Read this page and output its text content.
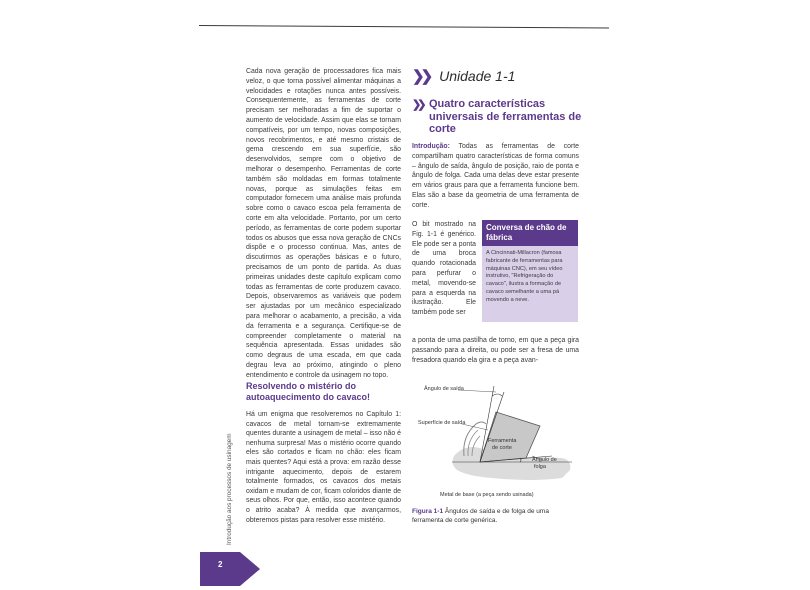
Cada nova geração de processadores fica mais veloz, o que torna possível alimentar máquinas a velocidades e rotações nunca antes possíveis. Consequentemente, as ferramentas de corte precisam ser melhoradas a fim de suportar o aumento de velocidade. Assim que elas se tornam compatíveis, por um tempo, novas composições, novos recobrimentos, e até mesmo cristais de gema crescendo em sua superfície, são desenvolvidos, sempre com o objetivo de melhorar o desempenho. Ferramentas de corte também são moldadas em formas totalmente novas, porque as simulações feitas em computador fornecem uma análise mais profunda sobre como o cavaco escoa pela ferramenta de corte em alta velocidade. Portanto, por um certo período, as ferramentas de corte podem suportar todos os abusos que essa nova geração de CNCs dispõe e o processo continua. Mas, antes de discutirmos as operações básicas e o futuro, precisamos de um ponto de partida. As duas primeiras unidades deste capítulo explicam como todas as ferramentas de corte produzem cavaco. Depois, observaremos as variáveis que podem ser ajustadas por um mecânico especializado para melhorar o acabamento, a precisão, a vida da ferramenta e a segurança. Certifique-se de compreender completamente o material na sequência apresentada. Essas unidades são como degraus de uma escada, em que cada degrau leva ao próximo, atingindo o pleno entendimento e controle da usinagem no topo.

Resolvendo o mistério do
autoaquecimento do cavaco!

Há um enigma que resolveremos no Capítulo 1: cavacos de metal tornam-se extremamente quentes durante a usinagem de metal – isso não é nenhuma surpresa! Mas o mistério ocorre quando eles são cortados e ficam no chão: eles ficam mais quentes? Aqui está a prova: em razão desse intrigante aquecimento, depois de estarem totalmente formados, os cavacos dos metais oxidam e mudam de cor, ficam coloridos diante de seus olhos. Por que, então, isso acontece quando o atrito acaba? À medida que avançarmos, obteremos pistas para resolver esse mistério.

❯❯ Unidade 1-1
❯❯ Quatro características universais de ferramentas de corte
Introdução: Todas as ferramentas de corte compartilham quatro características de forma comuns – ângulo de saída, ângulo de posição, raio de ponta e ângulo de folga. Cada uma delas deve estar presente em vários graus para que a ferramenta funcione bem. Elas são a base da geometria de uma ferramenta de corte.
O bit mostrado na Fig. 1-1 é genérico. Ele pode ser a ponta de uma broca quando rotacionada para perfurar o metal, movendo-se para a esquerda na ilustração. Ele também pode ser
Conversa de chão de fábrica
A Cincinnati-Millacron (famosa fabricante de ferramentas para máquinas CNC), em seu vídeo instrutivo, "Refrigeração do cavaco", ilustra a formação de cavaco semelhante a uma pá movendo a neve.
a ponta de uma pastilha de torno, em que a peça gira passando para a direita, ou pode ser a fresa de uma fresadora quando ela gira e a peça avan-
Ângulo de saída
Superfície de saída
Ferramenta
de corte
Ângulo de
folga
Metal de base (a peça sendo usinada)
Figura 1-1 Ângulos de saída e de folga de uma ferramenta de corte genérica.
Introdução aos processos de usinagem
2
